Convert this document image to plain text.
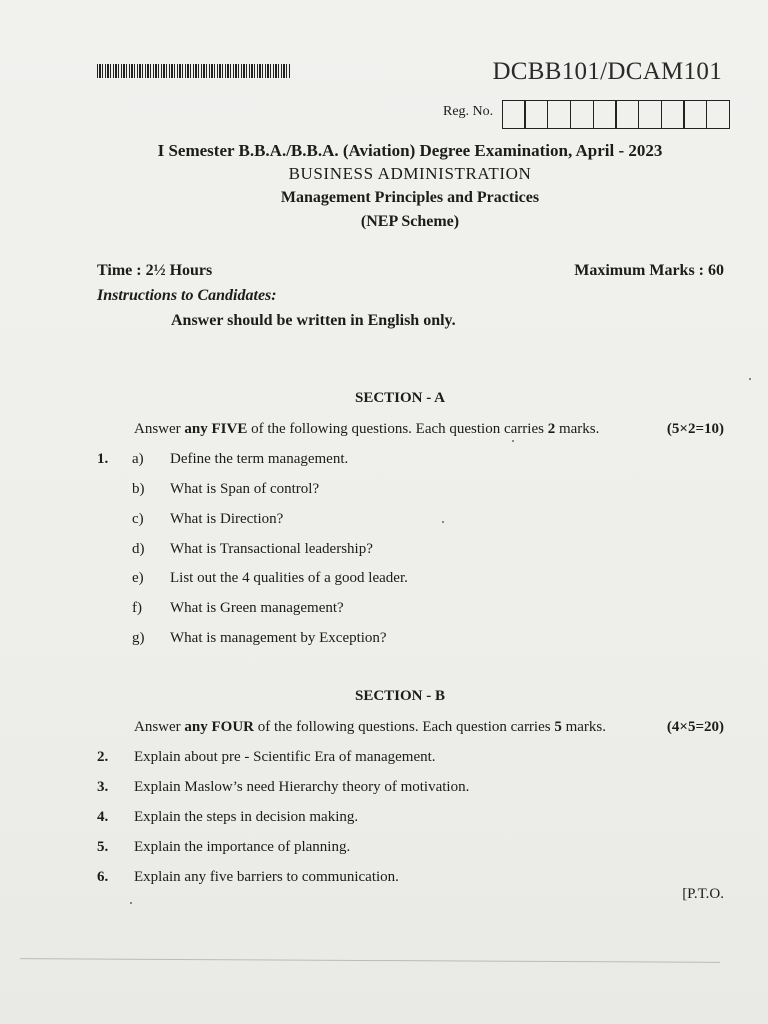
DCBB101/DCAM101
Reg. No.
I Semester B.B.A./B.B.A. (Aviation) Degree Examination, April - 2023
BUSINESS ADMINISTRATION
Management Principles and Practices
(NEP Scheme)
Time : 2½ Hours	Maximum Marks : 60
Instructions to Candidates:
Answer should be written in English only.
SECTION - A
Answer any FIVE of the following questions. Each question carries 2 marks.	(5×2=10)
1. a) Define the term management.
b) What is Span of control?
c) What is Direction?
d) What is Transactional leadership?
e) List out the 4 qualities of a good leader.
f) What is Green management?
g) What is management by Exception?
SECTION - B
Answer any FOUR of the following questions. Each question carries 5 marks.	(4×5=20)
2. Explain about pre - Scientific Era of management.
3. Explain Maslow’s need Hierarchy theory of motivation.
4. Explain the steps in decision making.
5. Explain the importance of planning.
6. Explain any five barriers to communication.
[P.T.O.
